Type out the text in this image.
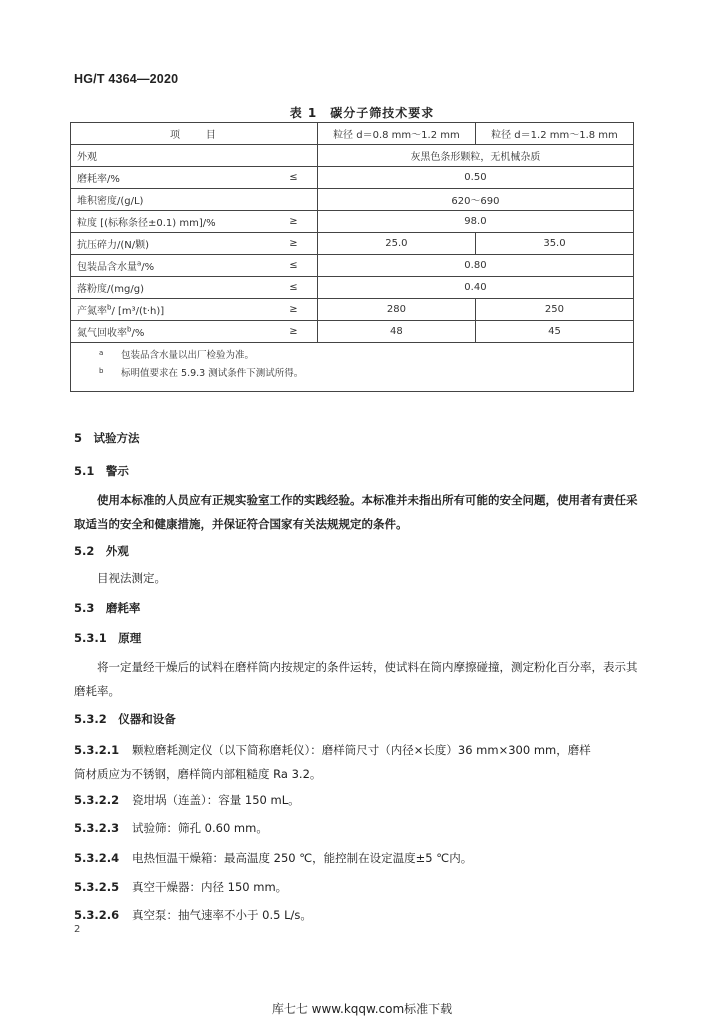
HG/T 4364—2020
表 1　碳分子筛技术要求
项　　目		粒径 d＝0.8 mm～1.2 mm	粒径 d＝1.2 mm～1.8 mm
外观		灰黑色条形颗粒，无机械杂质	
磨耗率/%	≤	0.50	
堆积密度/(g/L)		620～690	
粒度 [(标称条径±0.1) mm]/%	≥	98.0	
抗压碎力/(N/颗)	≥	25.0	35.0
包装品含水量$^a$/%	≤	0.80	
落粉度/(mg/g)	≤	0.40	
产氮率$^b$/ [m³/(t·h)]	≥	280	250
氮气回收率$^b$/%	≥	48	45

a 包装品含水量以出厂检验为准。
b 标明值要求在 5.9.3 测试条件下测试所得。			
5　试验方法
5.1　警示
使用本标准的人员应有正规实验室工作的实践经验。本标准并未指出所有可能的安全问题，使用者有责任采取适当的安全和健康措施，并保证符合国家有关法规规定的条件。
5.2　外观
目视法测定。
5.3　磨耗率
5.3.1　原理
将一定量经干燥后的试料在磨样筒内按规定的条件运转，使试料在筒内摩擦碰撞，测定粉化百分率，表示其磨耗率。
5.3.2　仪器和设备
5.3.2.1 颗粒磨耗测定仪（以下简称磨耗仪）：磨样筒尺寸（内径×长度）36 mm×300 mm，磨样
筒材质应为不锈钢，磨样筒内部粗糙度 Ra 3.2。
5.3.2.2 瓷坩埚（连盖）：容量 150 mL。
5.3.2.3 试验筛：筛孔 0.60 mm。
5.3.2.4 电热恒温干燥箱：最高温度 250 ℃，能控制在设定温度±5 ℃内。
5.3.2.5 真空干燥器：内径 150 mm。
5.3.2.6 真空泵：抽气速率不小于 0.5 L/s。
2
库七七 www.kqqw.com标准下载
